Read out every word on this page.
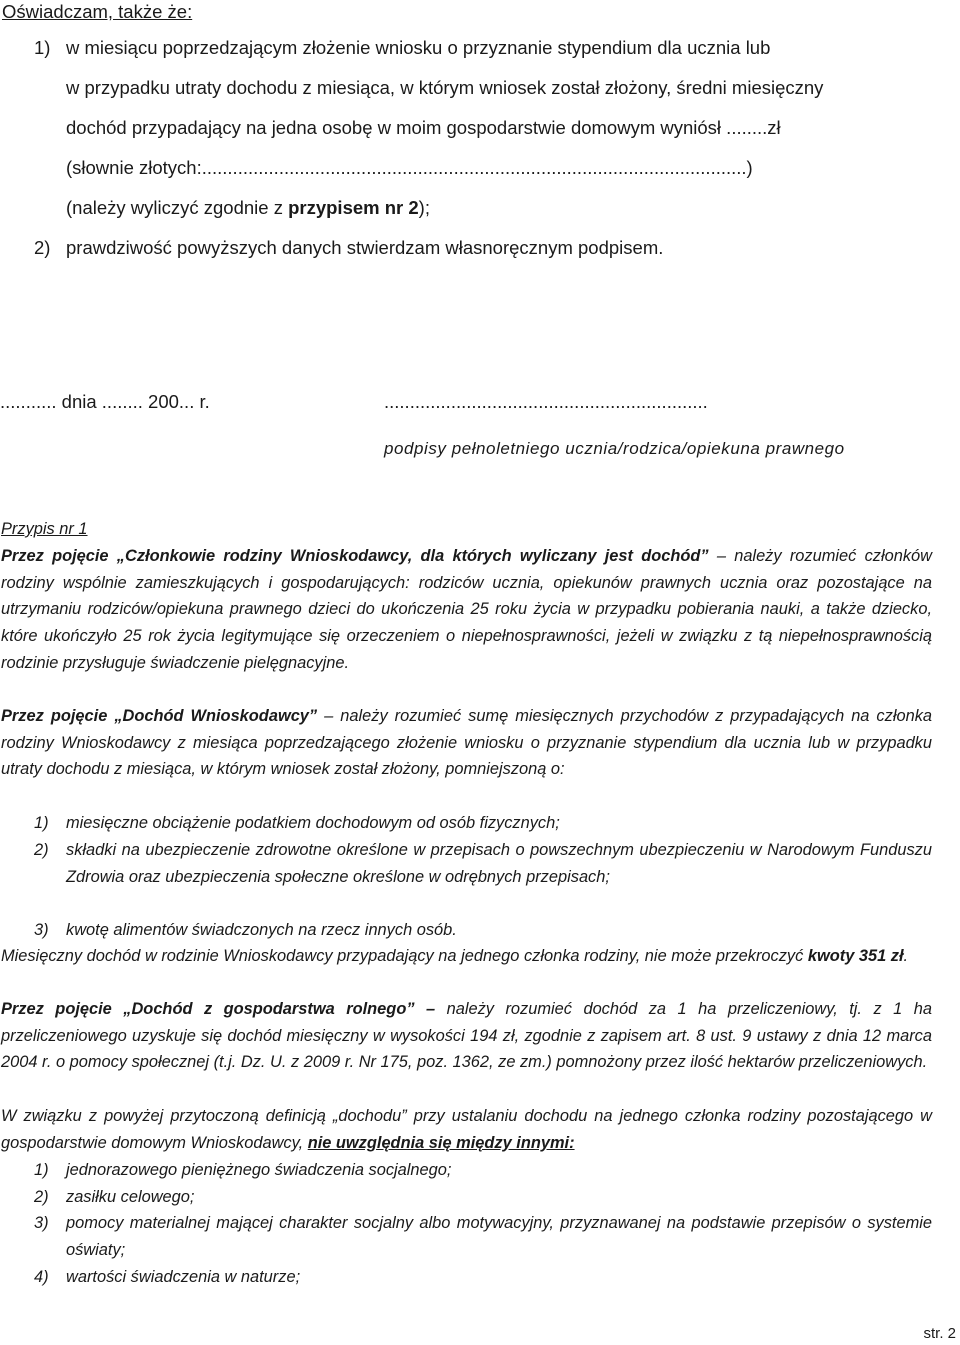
Oświadczam, także że:
1) w miesiącu poprzedzającym złożenie wniosku o przyznanie stypendium dla ucznia lub
w przypadku utraty dochodu z miesiąca, w którym wniosek został złożony, średni miesięczny
dochód przypadający na jedna osobę w moim gospodarstwie domowym wyniósł ........zł
(słownie złotych:..........................................................................................................)
(należy wyliczyć zgodnie z przypisem nr 2);
2) prawdziwość powyższych danych stwierdzam własnoręcznym podpisem.
........... dnia ........ 200... r.	...............................................................
podpisy pełnoletniego ucznia/rodzica/opiekuna prawnego
Przypis nr 1
Przez pojęcie „Członkowie rodziny Wnioskodawcy, dla których wyliczany jest dochód” – należy rozumieć członków rodziny wspólnie zamieszkujących i gospodarujących: rodziców ucznia, opiekunów prawnych ucznia oraz pozostające na utrzymaniu rodziców/opiekuna prawnego dzieci do ukończenia 25 roku życia w przypadku pobierania nauki, a także dziecko, które ukończyło 25 rok życia legitymujące się orzeczeniem o niepełnosprawności, jeżeli w związku z tą niepełnosprawnością rodzinie przysługuje świadczenie pielęgnacyjne.
Przez pojęcie „Dochód Wnioskodawcy” – należy rozumieć sumę miesięcznych przychodów z przypadających na członka rodziny Wnioskodawcy z miesiąca poprzedzającego złożenie wniosku o przyznanie stypendium dla ucznia lub w przypadku utraty dochodu z miesiąca, w którym wniosek został złożony, pomniejszoną o:
1) miesięczne obciążenie podatkiem dochodowym od osób fizycznych;
2) składki na ubezpieczenie zdrowotne określone w przepisach o powszechnym ubezpieczeniu w Narodowym Funduszu Zdrowia oraz ubezpieczenia społeczne określone w odrębnych przepisach;
3) kwotę alimentów świadczonych na rzecz innych osób.
Miesięczny dochód w rodzinie Wnioskodawcy przypadający na jednego członka rodziny, nie może przekroczyć kwoty 351 zł.
Przez pojęcie „Dochód z gospodarstwa rolnego” – należy rozumieć dochód za 1 ha przeliczeniowy, tj. z 1 ha przeliczeniowego uzyskuje się dochód miesięczny w wysokości 194 zł, zgodnie z zapisem art. 8 ust. 9 ustawy z dnia 12 marca 2004 r. o pomocy społecznej (t.j. Dz. U. z 2009 r. Nr 175, poz. 1362, ze zm.) pomnożony przez ilość hektarów przeliczeniowych.
W związku z powyżej przytoczoną definicją „dochodu” przy ustalaniu dochodu na jednego członka rodziny pozostającego w gospodarstwie domowym Wnioskodawcy, nie uwzględnia się między innymi:
1) jednorazowego pieniężnego świadczenia socjalnego;
2) zasiłku celowego;
3) pomocy materialnej mającej charakter socjalny albo motywacyjny, przyznawanej na podstawie przepisów o systemie oświaty;
4) wartości świadczenia w naturze;
str. 2
